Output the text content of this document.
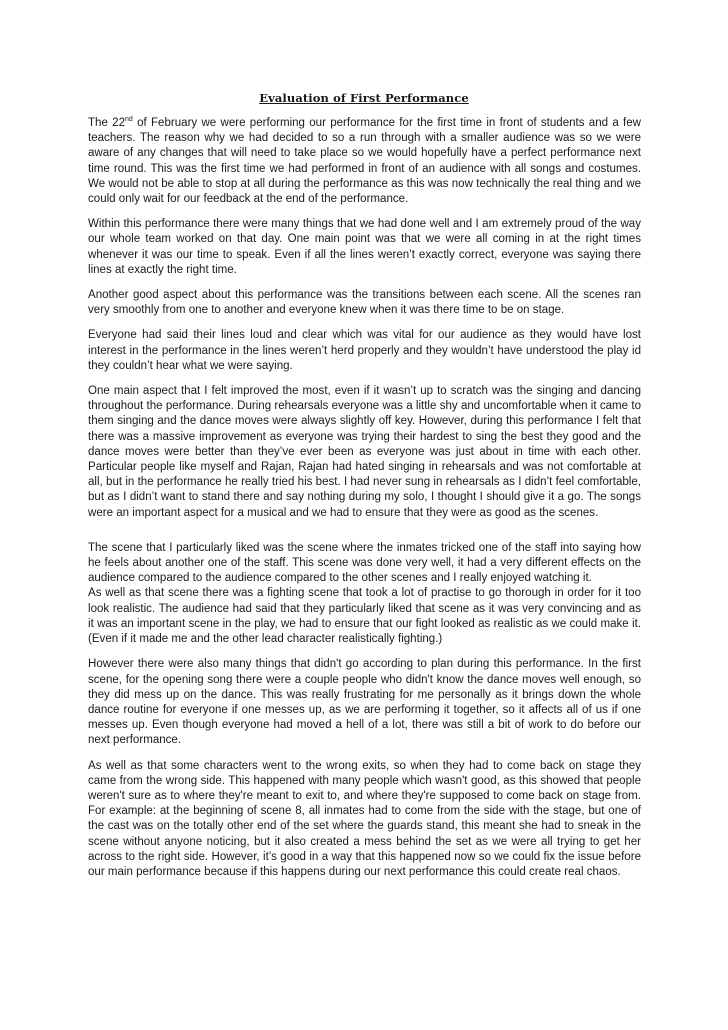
Evaluation of First Performance

The 22nd of February we were performing our performance for the first time in front of students and a few teachers. The reason why we had decided to so a run through with a smaller audience was so we were aware of any changes that will need to take place so we would hopefully have a perfect performance next time round. This was the first time we had performed in front of an audience with all songs and costumes. We would not be able to stop at all during the performance as this was now technically the real thing and we could only wait for our feedback at the end of the performance.

Within this performance there were many things that we had done well and I am extremely proud of the way our whole team worked on that day. One main point was that we were all coming in at the right times whenever it was our time to speak. Even if all the lines weren’t exactly correct, everyone was saying there lines at exactly the right time.

Another good aspect about this performance was the transitions between each scene. All the scenes ran very smoothly from one to another and everyone knew when it was there time to be on stage.

Everyone had said their lines loud and clear which was vital for our audience as they would have lost interest in the performance in the lines weren’t herd properly and they wouldn’t have understood the play id they couldn’t hear what we were saying.

One main aspect that I felt improved the most, even if it wasn’t up to scratch was the singing and dancing throughout the performance. During rehearsals everyone was a little shy and uncomfortable when it came to them singing and the dance moves were always slightly off key. However, during this performance I felt that there was a massive improvement as everyone was trying their hardest to sing the best they good and the dance moves were better than they’ve ever been as everyone was just about in time with each other. Particular people like myself and Rajan, Rajan had hated singing in rehearsals and was not comfortable at all, but in the performance he really tried his best. I had never sung in rehearsals as I didn’t feel comfortable, but as I didn’t want to stand there and say nothing during my solo, I thought I should give it a go. The songs were an important aspect for a musical and we had to ensure that they were as good as the scenes.

The scene that I particularly liked was the scene where the inmates tricked one of the staff into saying how he feels about another one of the staff. This scene was done very well, it had a very different effects on the audience compared to the audience compared to the other scenes and I really enjoyed watching it.

As well as that scene there was a fighting scene that took a lot of practise to go thorough in order for it too look realistic. The audience had said that they particularly liked that scene as it was very convincing and as it was an important scene in the play, we had to ensure that our fight looked as realistic as we could make it. (Even if it made me and the other lead character realistically fighting.)

However there were also many things that didn't go according to plan during this performance. In the first scene, for the opening song there were a couple people who didn't know the dance moves well enough, so they did mess up on the dance. This was really frustrating for me personally as it brings down the whole dance routine for everyone if one messes up, as we are performing it together, so it affects all of us if one messes up. Even though everyone had moved a hell of a lot, there was still a bit of work to do before our next performance.

As well as that some characters went to the wrong exits, so when they had to come back on stage they came from the wrong side. This happened with many people which wasn't good, as this showed that people weren't sure as to where they're meant to exit to, and where they're supposed to come back on stage from. For example: at the beginning of scene 8, all inmates had to come from the side with the stage, but one of the cast was on the totally other end of the set where the guards stand, this meant she had to sneak in the scene without anyone noticing, but it also created a mess behind the set as we were all trying to get her across to the right side. However, it’s good in a way that this happened now so we could fix the issue before our main performance because if this happens during our next performance this could create real chaos.
